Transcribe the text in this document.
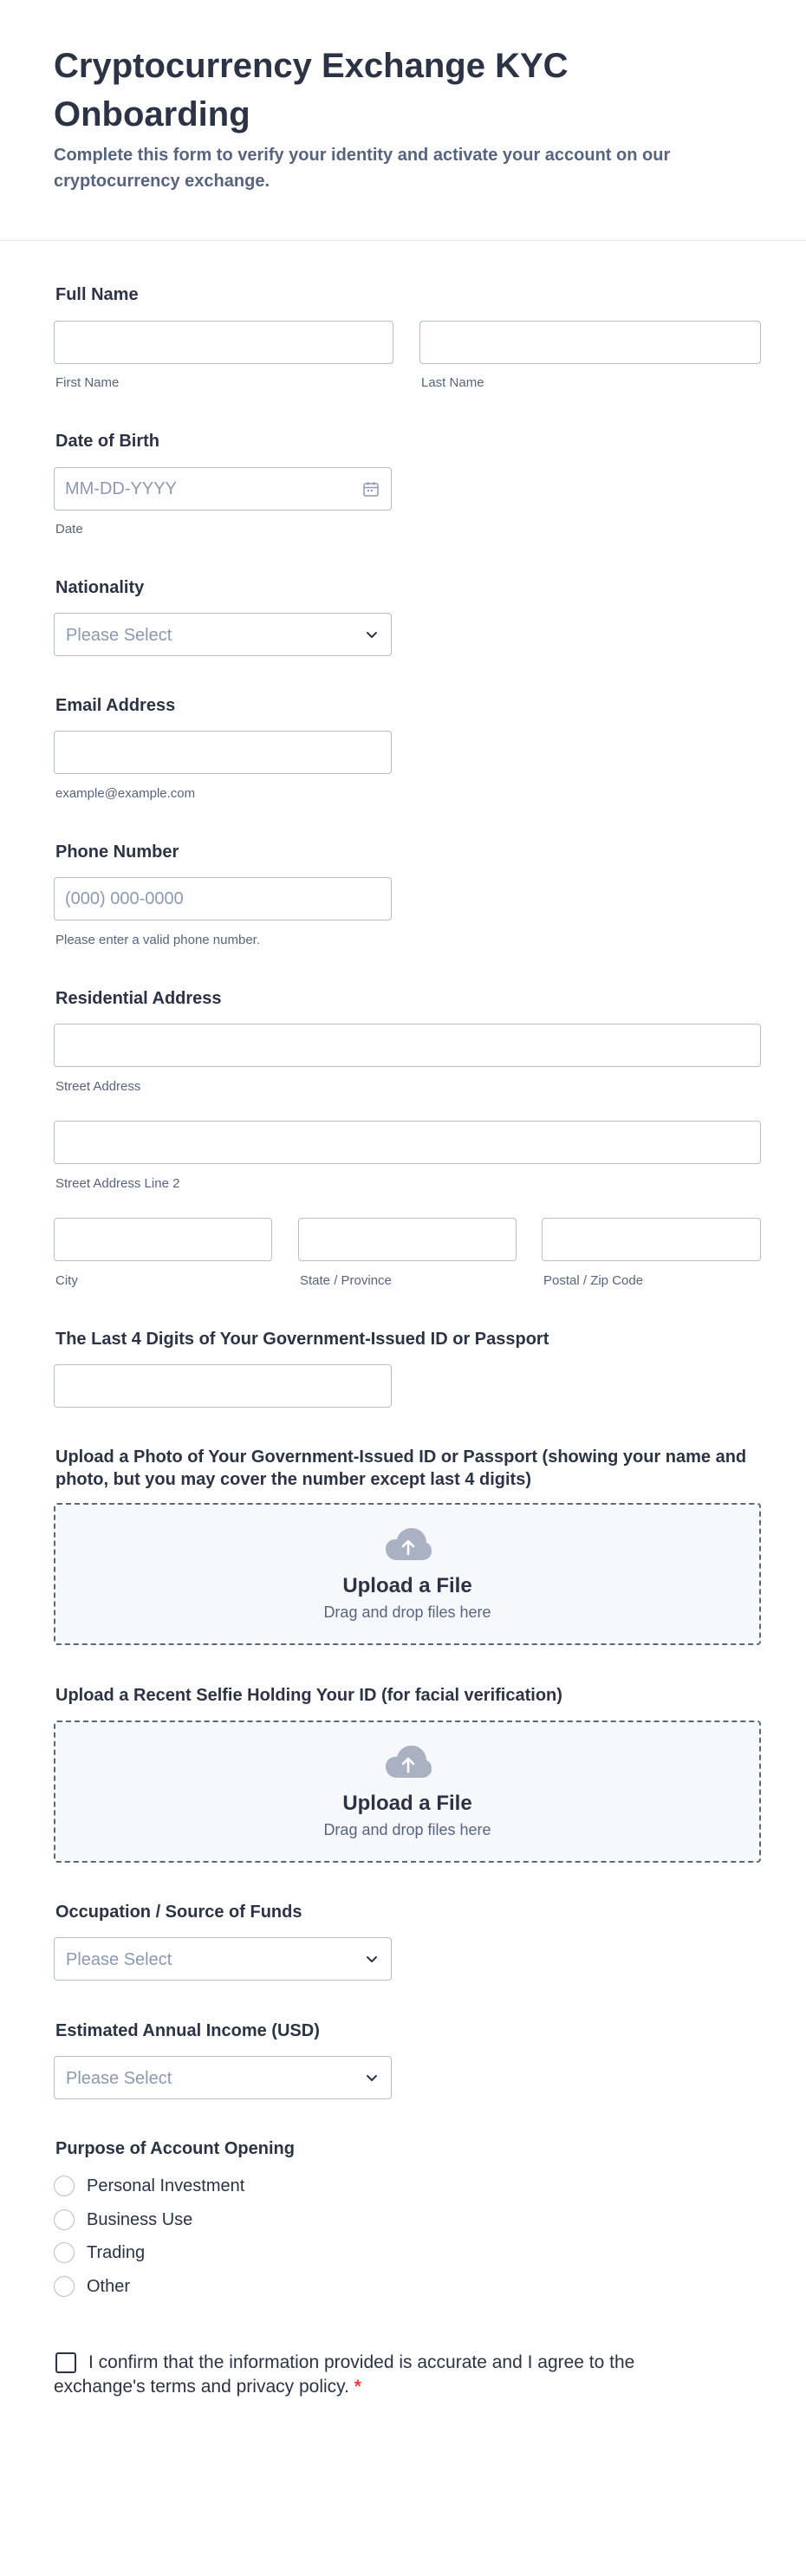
Cryptocurrency Exchange KYC Onboarding

Complete this form to verify your identity and activate your account on our cryptocurrency exchange.

Full Name
First Name	Last Name
Date of Birth
MM-DD-YYYY
Date
Nationality
Please Select
Email Address
example@example.com
Phone Number
(000) 000-0000
Please enter a valid phone number.
Residential Address
Street Address
Street Address Line 2
City	State / Province	Postal / Zip Code
The Last 4 Digits of Your Government-Issued ID or Passport
Upload a Photo of Your Government-Issued ID or Passport (showing your name and photo, but you may cover the number except last 4 digits)
Upload a File
Drag and drop files here
Upload a Recent Selfie Holding Your ID (for facial verification)
Upload a File
Drag and drop files here
Occupation / Source of Funds
Please Select
Estimated Annual Income (USD)
Please Select
Purpose of Account Opening
Personal Investment
Business Use
Trading
Other
I confirm that the information provided is accurate and I agree to the exchange's terms and privacy policy. *
